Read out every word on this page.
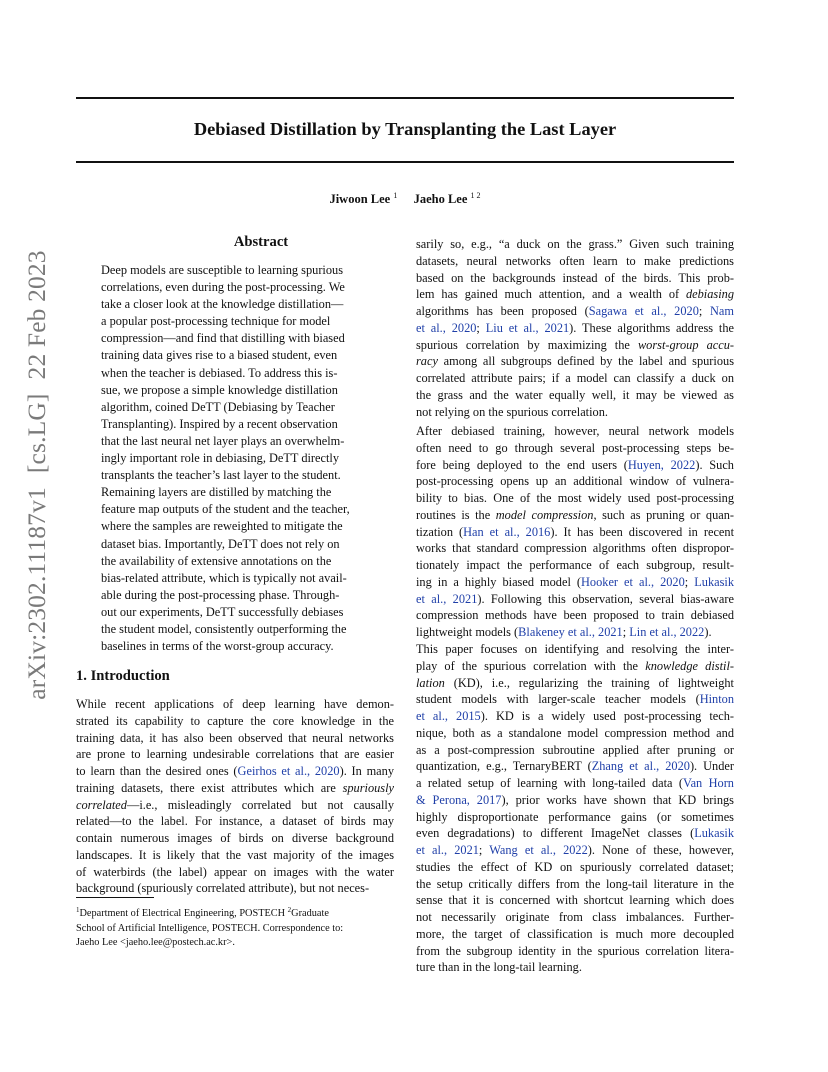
Debiased Distillation by Transplanting the Last Layer
Jiwoon Lee $^1$ Jaeho Lee $^{1 2}$
arXiv:2302.11187v1[cs.LG]22 Feb 2023
Abstract
Deep models are susceptible to learning spurious
correlations, even during the post-processing. We
take a closer look at the knowledge distillation—
a popular post-processing technique for model
compression—and find that distilling with biased
training data gives rise to a biased student, even
when the teacher is debiased. To address this is-
sue, we propose a simple knowledge distillation
algorithm, coined DeTT (Debiasing by Teacher
Transplanting). Inspired by a recent observation
that the last neural net layer plays an overwhelm-
ingly important role in debiasing, DeTT directly
transplants the teacher’s last layer to the student.
Remaining layers are distilled by matching the
feature map outputs of the student and the teacher,
where the samples are reweighted to mitigate the
dataset bias. Importantly, DeTT does not rely on
the availability of extensive annotations on the
bias-related attribute, which is typically not avail-
able during the post-processing phase. Through-
out our experiments, DeTT successfully debiases
the student model, consistently outperforming the
baselines in terms of the worst-group accuracy.
1. Introduction
While recent applications of deep learning have demon-
strated its capability to capture the core knowledge in the
training data, it has also been observed that neural networks
are prone to learning undesirable correlations that are easier
to learn than the desired ones (Geirhos et al., 2020). In many
training datasets, there exist attributes which are spuriously
correlated—i.e., misleadingly correlated but not causally
related—to the label. For instance, a dataset of birds may
contain numerous images of birds on diverse background
landscapes. It is likely that the vast majority of the images
of waterbirds (the label) appear on images with the water
background (spuriously correlated attribute), but not neces-
$^1$Department of Electrical Engineering, POSTECH $^2$Graduate
School of Artificial Intelligence, POSTECH. Correspondence to:
Jaeho Lee <jaeho.lee@postech.ac.kr>.
sarily so, e.g., “a duck on the grass.” Given such training
datasets, neural networks often learn to make predictions
based on the backgrounds instead of the birds. This prob-
lem has gained much attention, and a wealth of debiasing
algorithms has been proposed (Sagawa et al., 2020; Nam
et al., 2020; Liu et al., 2021). These algorithms address the
spurious correlation by maximizing the worst-group accu-
racy among all subgroups defined by the label and spurious
correlated attribute pairs; if a model can classify a duck on
the grass and the water equally well, it may be viewed as
not relying on the spurious correlation.
After debiased training, however, neural network models
often need to go through several post-processing steps be-
fore being deployed to the end users (Huyen, 2022). Such
post-processing opens up an additional window of vulnera-
bility to bias. One of the most widely used post-processing
routines is the model compression, such as pruning or quan-
tization (Han et al., 2016). It has been discovered in recent
works that standard compression algorithms often dispropor-
tionately impact the performance of each subgroup, result-
ing in a highly biased model (Hooker et al., 2020; Lukasik
et al., 2021). Following this observation, several bias-aware
compression methods have been proposed to train debiased
lightweight models (Blakeney et al., 2021; Lin et al., 2022).
This paper focuses on identifying and resolving the inter-
play of the spurious correlation with the knowledge distil-
lation (KD), i.e., regularizing the training of lightweight
student models with larger-scale teacher models (Hinton
et al., 2015). KD is a widely used post-processing tech-
nique, both as a standalone model compression method and
as a post-compression subroutine applied after pruning or
quantization, e.g., TernaryBERT (Zhang et al., 2020). Under
a related setup of learning with long-tailed data (Van Horn
& Perona, 2017), prior works have shown that KD brings
highly disproportionate performance gains (or sometimes
even degradations) to different ImageNet classes (Lukasik
et al., 2021; Wang et al., 2022). None of these, however,
studies the effect of KD on spuriously correlated dataset;
the setup critically differs from the long-tail literature in the
sense that it is concerned with shortcut learning which does
not necessarily originate from class imbalances. Further-
more, the target of classification is much more decoupled
from the subgroup identity in the spurious correlation litera-
ture than in the long-tail learning.
